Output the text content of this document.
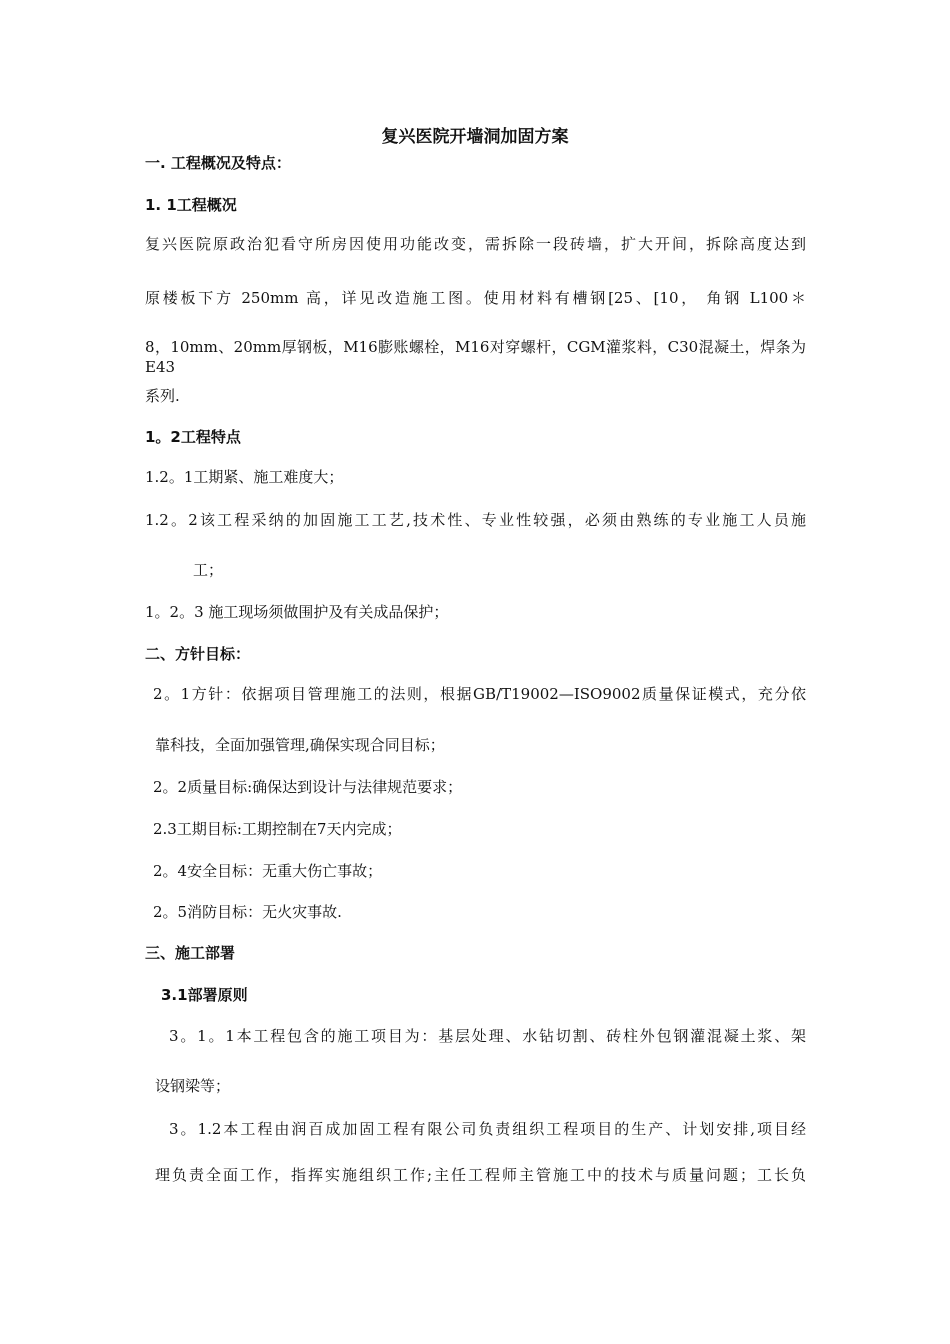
复兴医院开墙洞加固方案
一. 工程概况及特点：
1. 1工程概况
复兴医院原政治犯看守所房因使用功能改变，需拆除一段砖墙，扩大开间，拆除高度达到
原楼板下方 250mm 高，详见改造施工图。使用材料有槽钢[25、[10， 角钢 L100＊
8，10mm、20mm厚钢板，M16膨账螺栓，M16对穿螺杆，CGM灌浆料，C30混凝土，焊条为E43
系列.
1。2工程特点
1.2。1工期紧、施工难度大；
1.2。2该工程采纳的加固施工工艺,技术性、专业性较强，必须由熟练的专业施工人员施
工；
1。2。3 施工现场须做围护及有关成品保护；
二、方针目标：
2。1方针：依据项目管理施工的法则，根据GB/T19002—ISO9002质量保证模式，充分依
靠科技，全面加强管理,确保实现合同目标；
2。2质量目标:确保达到设计与法律规范要求；
2.3工期目标:工期控制在7天内完成；
2。4安全目标：无重大伤亡事故；
2。5消防目标：无火灾事故.
三、施工部署
3.1部署原则
3。1。1本工程包含的施工项目为：基层处理、水钻切割、砖柱外包钢灌混凝土浆、架
设钢梁等；
3。1.2本工程由润百成加固工程有限公司负责组织工程项目的生产、计划安排,项目经
理负责全面工作，指挥实施组织工作;主任工程师主管施工中的技术与质量问题；工长负
